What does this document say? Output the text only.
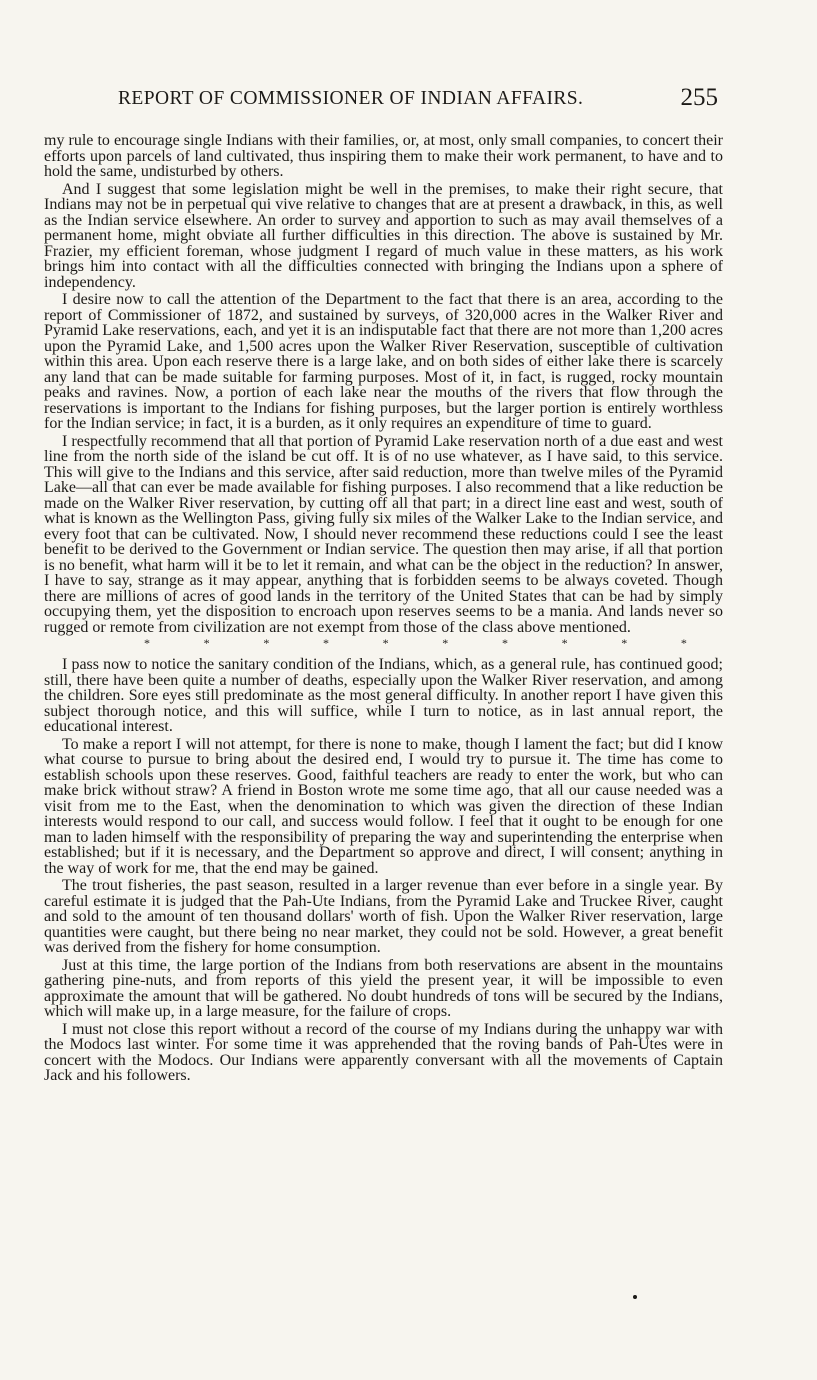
REPORT OF COMMISSIONER OF INDIAN AFFAIRS.	255

my rule to encourage single Indians with their families, or, at most, only small companies, to concert their efforts upon parcels of land cultivated, thus inspiring them to make their work permanent, to have and to hold the same, undisturbed by others.

And I suggest that some legislation might be well in the premises, to make their right secure, that Indians may not be in perpetual qui vive relative to changes that are at present a drawback, in this, as well as the Indian service elsewhere. An order to survey and apportion to such as may avail themselves of a permanent home, might obviate all further difficulties in this direction. The above is sustained by Mr. Frazier, my efficient foreman, whose judgment I regard of much value in these matters, as his work brings him into contact with all the difficulties connected with bringing the Indians upon a sphere of independency.

I desire now to call the attention of the Department to the fact that there is an area, according to the report of Commissioner of 1872, and sustained by surveys, of 320,000 acres in the Walker River and Pyramid Lake reservations, each, and yet it is an indisputable fact that there are not more than 1,200 acres upon the Pyramid Lake, and 1,500 acres upon the Walker River Reservation, susceptible of cultivation within this area. Upon each reserve there is a large lake, and on both sides of either lake there is scarcely any land that can be made suitable for farming purposes. Most of it, in fact, is rugged, rocky mountain peaks and ravines. Now, a portion of each lake near the mouths of the rivers that flow through the reservations is important to the Indians for fishing purposes, but the larger portion is entirely worthless for the Indian service; in fact, it is a burden, as it only requires an expenditure of time to guard.

I respectfully recommend that all that portion of Pyramid Lake reservation north of a due east and west line from the north side of the island be cut off. It is of no use whatever, as I have said, to this service. This will give to the Indians and this service, after said reduction, more than twelve miles of the Pyramid Lake—all that can ever be made available for fishing purposes. I also recommend that a like reduction be made on the Walker River reservation, by cutting off all that part; in a direct line east and west, south of what is known as the Wellington Pass, giving fully six miles of the Walker Lake to the Indian service, and every foot that can be cultivated. Now, I should never recommend these reductions could I see the least benefit to be derived to the Government or Indian service. The question then may arise, if all that portion is no benefit, what harm will it be to let it remain, and what can be the object in the reduction? In answer, I have to say, strange as it may appear, anything that is forbidden seems to be always coveted. Though there are millions of acres of good lands in the territory of the United States that can be had by simply occupying them, yet the disposition to encroach upon reserves seems to be a mania. And lands never so rugged or remote from civilization are not exempt from those of the class above mentioned.

*	*	*	*	*	*	*	*	*	*

I pass now to notice the sanitary condition of the Indians, which, as a general rule, has continued good; still, there have been quite a number of deaths, especially upon the Walker River reservation, and among the children. Sore eyes still predominate as the most general difficulty. In another report I have given this subject thorough notice, and this will suffice, while I turn to notice, as in last annual report, the educational interest.

To make a report I will not attempt, for there is none to make, though I lament the fact; but did I know what course to pursue to bring about the desired end, I would try to pursue it. The time has come to establish schools upon these reserves. Good, faithful teachers are ready to enter the work, but who can make brick without straw? A friend in Boston wrote me some time ago, that all our cause needed was a visit from me to the East, when the denomination to which was given the direction of these Indian interests would respond to our call, and success would follow. I feel that it ought to be enough for one man to laden himself with the responsibility of preparing the way and superintending the enterprise when established; but if it is necessary, and the Department so approve and direct, I will consent; anything in the way of work for me, that the end may be gained.

The trout fisheries, the past season, resulted in a larger revenue than ever before in a single year. By careful estimate it is judged that the Pah-Ute Indians, from the Pyramid Lake and Truckee River, caught and sold to the amount of ten thousand dollars' worth of fish. Upon the Walker River reservation, large quantities were caught, but there being no near market, they could not be sold. However, a great benefit was derived from the fishery for home consumption.

Just at this time, the large portion of the Indians from both reservations are absent in the mountains gathering pine-nuts, and from reports of this yield the present year, it will be impossible to even approximate the amount that will be gathered. No doubt hundreds of tons will be secured by the Indians, which will make up, in a large measure, for the failure of crops.

I must not close this report without a record of the course of my Indians during the unhappy war with the Modocs last winter. For some time it was apprehended that the roving bands of Pah-Utes were in concert with the Modocs. Our Indians were apparently conversant with all the movements of Captain Jack and his followers.
